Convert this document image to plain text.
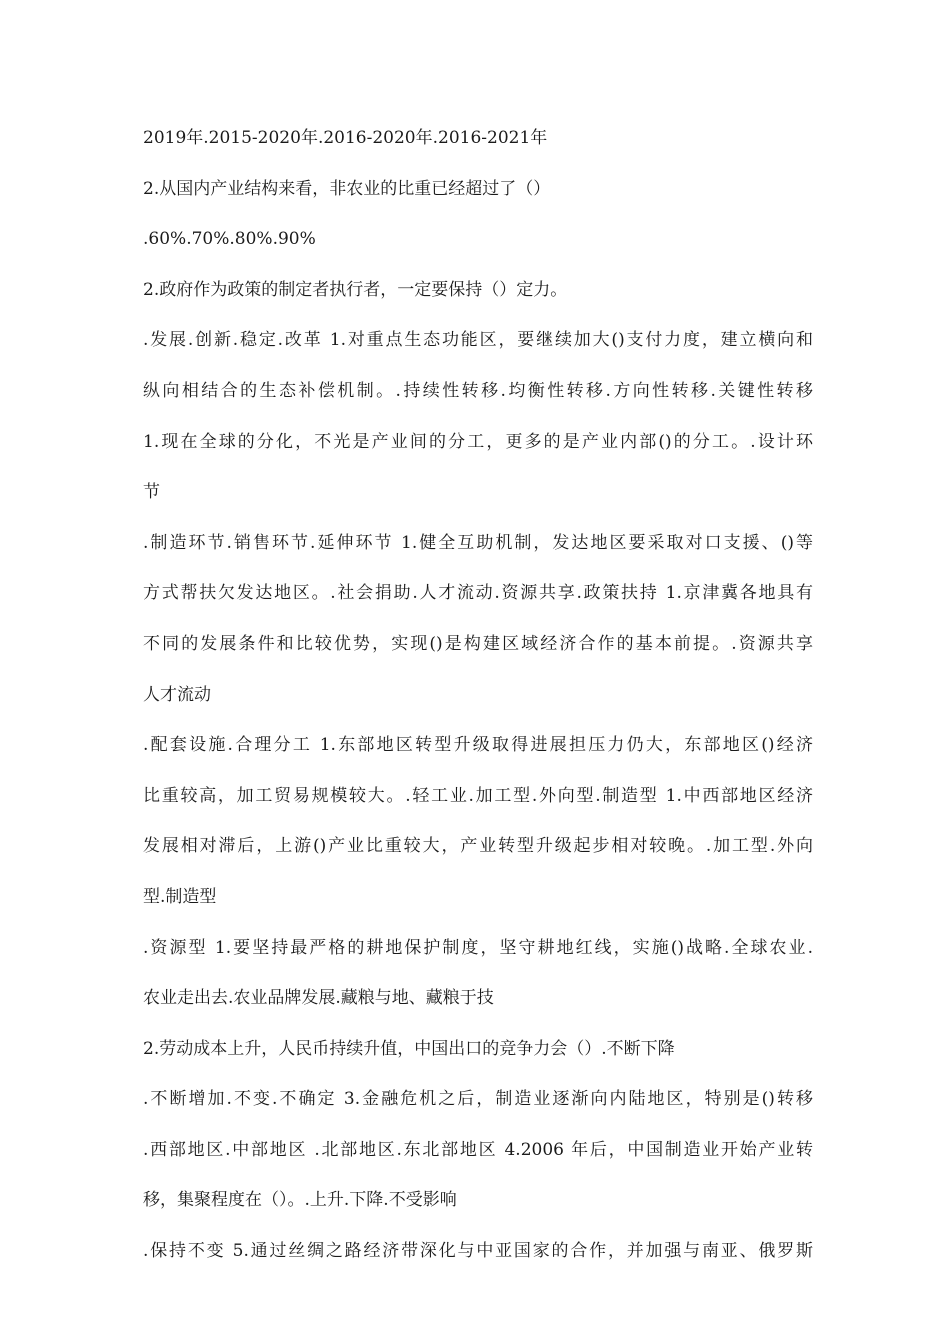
2019年.2015-2020年.2016-2020年.2016-2021年
2.从国内产业结构来看，非农业的比重已经超过了（）
.60%.70%.80%.90%
2.政府作为政策的制定者执行者，一定要保持（）定力。
.发展.创新.稳定.改革 1.对重点生态功能区，要继续加大()支付力度，建立横向和
纵向相结合的生态补偿机制。.持续性转移.均衡性转移.方向性转移.关键性转移
1.现在全球的分化，不光是产业间的分工，更多的是产业内部()的分工。.设计环
节
.制造环节.销售环节.延伸环节 1.健全互助机制，发达地区要采取对口支援、()等
方式帮扶欠发达地区。.社会捐助.人才流动.资源共享.政策扶持 1.京津冀各地具有
不同的发展条件和比较优势，实现()是构建区域经济合作的基本前提。.资源共享
人才流动
.配套设施.合理分工 1.东部地区转型升级取得进展担压力仍大，东部地区()经济
比重较高，加工贸易规模较大。.轻工业.加工型.外向型.制造型 1.中西部地区经济
发展相对滞后，上游()产业比重较大，产业转型升级起步相对较晚。.加工型.外向
型.制造型
.资源型 1.要坚持最严格的耕地保护制度，坚守耕地红线，实施()战略.全球农业.
农业走出去.农业品牌发展.藏粮与地、藏粮于技
2.劳动成本上升，人民币持续升值，中国出口的竞争力会（）.不断下降
.不断增加.不变.不确定 3.金融危机之后，制造业逐渐向内陆地区，特别是()转移
.西部地区.中部地区 .北部地区.东北部地区 4.2006 年后，中国制造业开始产业转
移，集聚程度在（）。.上升.下降.不受影响
.保持不变 5.通过丝绸之路经济带深化与中亚国家的合作，并加强与南亚、俄罗斯
